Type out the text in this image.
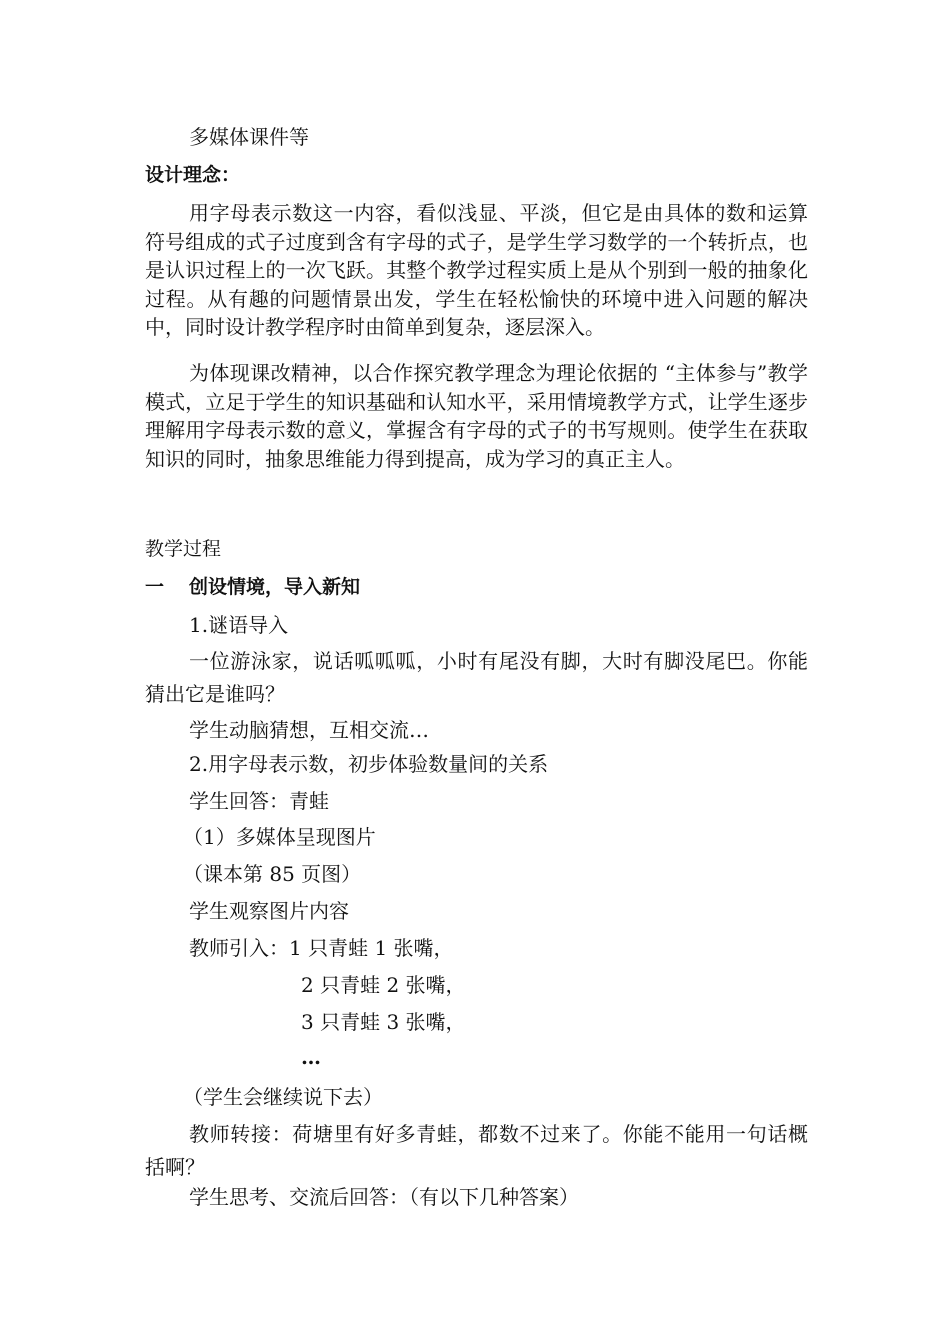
多媒体课件等
设计理念：
用字母表示数这一内容，看似浅显、平淡，但它是由具体的数和运算符号组成的式子过度到含有字母的式子，是学生学习数学的一个转折点，也是认识过程上的一次飞跃。其整个教学过程实质上是从个别到一般的抽象化过程。从有趣的问题情景出发，学生在轻松愉快的环境中进入问题的解决中，同时设计教学程序时由简单到复杂，逐层深入。
为体现课改精神，以合作探究教学理念为理论依据的 “主体参与”教学模式，立足于学生的知识基础和认知水平，采用情境教学方式，让学生逐步理解用字母表示数的意义，掌握含有字母的式子的书写规则。使学生在获取知识的同时，抽象思维能力得到提高，成为学习的真正主人。
教学过程
一 创设情境，导入新知
1.谜语导入
一位游泳家，说话呱呱呱，小时有尾没有脚，大时有脚没尾巴。你能猜出它是谁吗？
学生动脑猜想，互相交流…
2.用字母表示数，初步体验数量间的关系
学生回答：青蛙
（1）多媒体呈现图片
（课本第 85 页图）
学生观察图片内容
教师引入：1 只青蛙 1 张嘴，
2 只青蛙 2 张嘴，
3 只青蛙 3 张嘴，
…
（学生会继续说下去）
教师转接：荷塘里有好多青蛙，都数不过来了。你能不能用一句话概括啊？
学生思考、交流后回答：（有以下几种答案）
